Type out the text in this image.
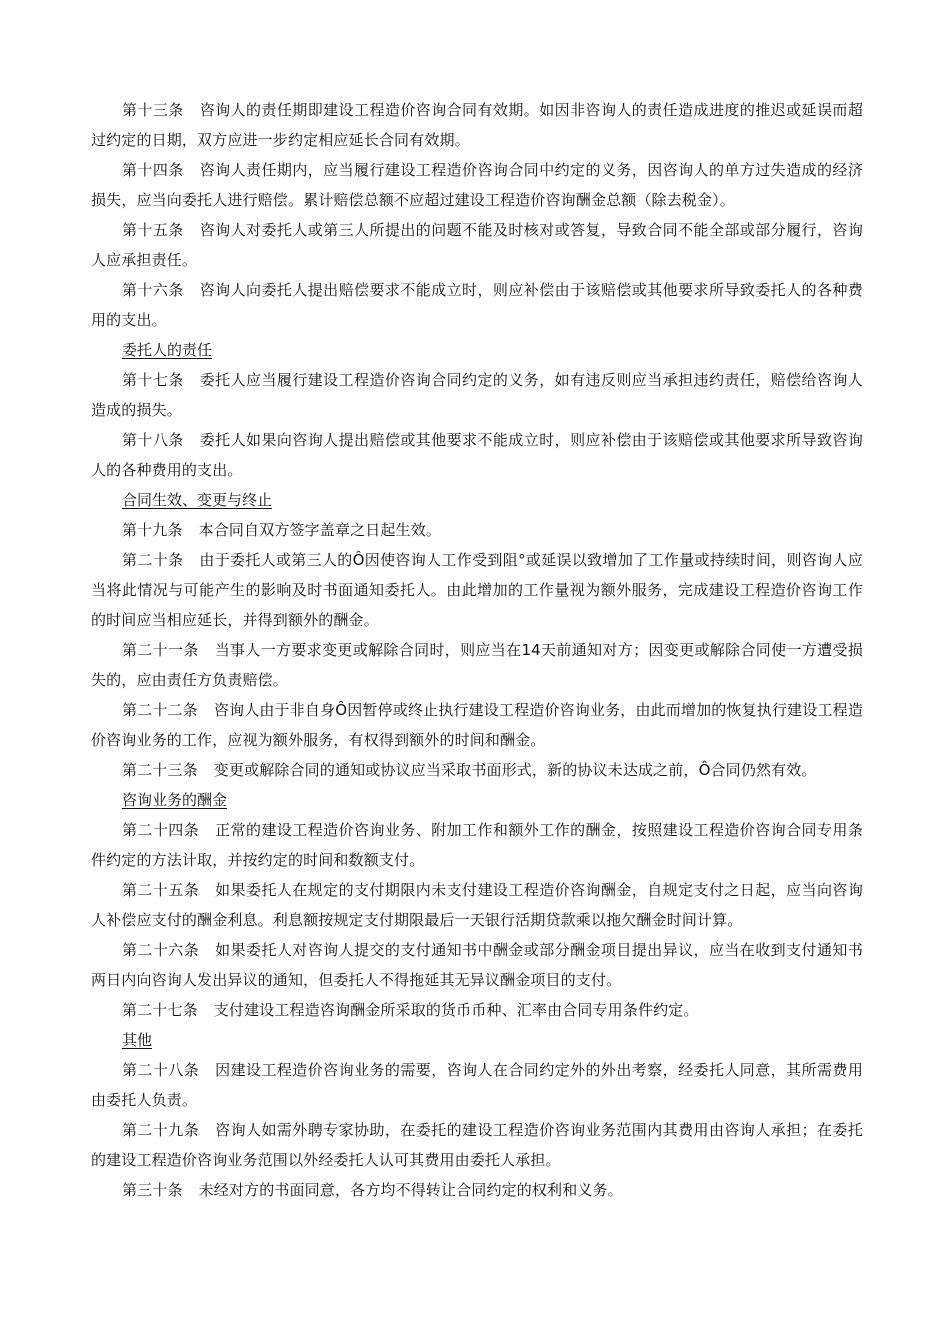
第十三条 咨询人的责任期即建设工程造价咨询合同有效期。如因非咨询人的责任造成进度的推迟或延误而超过约定的日期，双方应进一步约定相应延长合同有效期。

第十四条 咨询人责任期内，应当履行建设工程造价咨询合同中约定的义务，因咨询人的单方过失造成的经济损失，应当向委托人进行赔偿。累计赔偿总额不应超过建设工程造价咨询酬金总额（除去税金）。

第十五条 咨询人对委托人或第三人所提出的问题不能及时核对或答复，导致合同不能全部或部分履行，咨询人应承担责任。

第十六条 咨询人向委托人提出赔偿要求不能成立时，则应补偿由于该赔偿或其他要求所导致委托人的各种费用的支出。

委托人的责任

第十七条 委托人应当履行建设工程造价咨询合同约定的义务，如有违反则应当承担违约责任，赔偿给咨询人造成的损失。

第十八条 委托人如果向咨询人提出赔偿或其他要求不能成立时，则应补偿由于该赔偿或其他要求所导致咨询人的各种费用的支出。

合同生效、变更与终止

第十九条 本合同自双方签字盖章之日起生效。

第二十条 由于委托人或第三人的Ô因使咨询人工作受到阻°或延误以致增加了工作量或持续时间，则咨询人应当将此情况与可能产生的影响及时书面通知委托人。由此增加的工作量视为额外服务，完成建设工程造价咨询工作的时间应当相应延长，并得到额外的酬金。

第二十一条 当事人一方要求变更或解除合同时，则应当在14天前通知对方；因变更或解除合同使一方遭受损失的，应由责任方负责赔偿。

第二十二条 咨询人由于非自身Ô因暂停或终止执行建设工程造价咨询业务，由此而增加的恢复执行建设工程造价咨询业务的工作，应视为额外服务，有权得到额外的时间和酬金。

第二十三条 变更或解除合同的通知或协议应当采取书面形式，新的协议未达成之前，Ô合同仍然有效。

咨询业务的酬金

第二十四条 正常的建设工程造价咨询业务、附加工作和额外工作的酬金，按照建设工程造价咨询合同专用条件约定的方法计取，并按约定的时间和数额支付。

第二十五条 如果委托人在规定的支付期限内未支付建设工程造价咨询酬金，自规定支付之日起，应当向咨询人补偿应支付的酬金利息。利息额按规定支付期限最后一天银行活期贷款乘以拖欠酬金时间计算。

第二十六条 如果委托人对咨询人提交的支付通知书中酬金或部分酬金项目提出异议，应当在收到支付通知书两日内向咨询人发出异议的通知，但委托人不得拖延其无异议酬金项目的支付。

第二十七条 支付建设工程造咨询酬金所采取的货币币种、汇率由合同专用条件约定。

其他

第二十八条 因建设工程造价咨询业务的需要，咨询人在合同约定外的外出考察，经委托人同意，其所需费用由委托人负责。

第二十九条 咨询人如需外聘专家协助，在委托的建设工程造价咨询业务范围内其费用由咨询人承担；在委托的建设工程造价咨询业务范围以外经委托人认可其费用由委托人承担。

第三十条 未经对方的书面同意，各方均不得转让合同约定的权利和义务。
